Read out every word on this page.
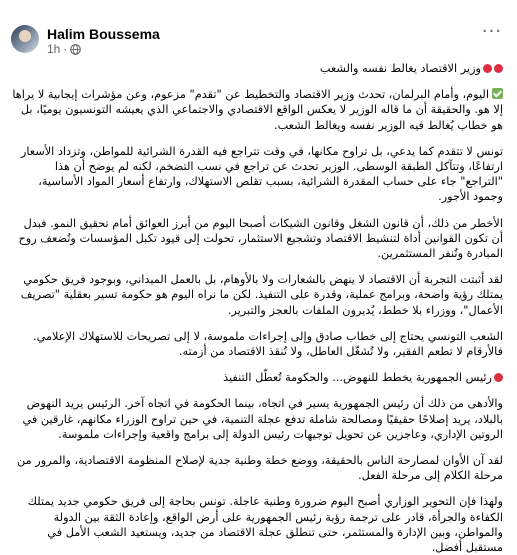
Halim Boussema
1h ·
···

وزير الاقتصاد يغالط نفسه والشعب

اليوم، وأمام البرلمان، تحدث وزير الاقتصاد والتخطيط عن "تقدم" مزعوم، وعن مؤشرات إيجابية لا يراها إلا هو. والحقيقة أن ما قاله الوزير لا يعكس الواقع الاقتصادي والاجتماعي الذي يعيشه التونسيون يوميًا، بل هو خطاب يُغالط فيه الوزير نفسه ويغالط الشعب.

تونس لا تتقدم كما يدعي، بل تراوح مكانها، في وقت تتراجع فيه القدرة الشرائية للمواطن، وتزداد الأسعار ارتفاعًا، وتتآكل الطبقة الوسطى. الوزير تحدث عن تراجع في نسب التضخم، لكنه لم يوضح أن هذا "التراجع" جاء على حساب المقدرة الشرائية، بسبب تقلص الاستهلاك، وارتفاع أسعار المواد الأساسية، وجمود الأجور.

الأخطر من ذلك، أن قانون الشغل وقانون الشيكات أصبحا اليوم من أبرز العوائق أمام تحقيق النمو. فبدل أن تكون القوانين أداة لتنشيط الاقتصاد وتشجيع الاستثمار، تحولت إلى قيود تكبل المؤسسات وتُضعف روح المبادرة وتُنفر المستثمرين.

لقد أثبتت التجربة أن الاقتصاد لا ينهض بالشعارات ولا بالأوهام، بل بالعمل الميداني، وبوجود فريق حكومي يمتلك رؤية واضحة، وبرامج عملية، وقدرة على التنفيذ. لكن ما نراه اليوم هو حكومة تسير بعقلية "تصريف الأعمال"، ووزراء بلا خطط، يُديرون الملفات بالعجز والتبرير.

الشعب التونسي يحتاج إلى خطاب صادق وإلى إجراءات ملموسة، لا إلى تصريحات للاستهلاك الإعلامي. فالأرقام لا تطعم الفقير، ولا تُشغّل العاطل، ولا تُنقذ الاقتصاد من أزمته.

رئيس الجمهورية يخطط للنهوض... والحكومة تُعطّل التنفيذ

والأدهى من ذلك أن رئيس الجمهورية يسير في اتجاه، بينما الحكومة في اتجاه آخر. الرئيس يريد النهوض بالبلاد، يريد إصلاحًا حقيقيًا ومصالحة شاملة تدفع عجلة التنمية، في حين تراوح الوزراء مكانهم، غارقين في الروتين الإداري، وعاجزين عن تحويل توجيهات رئيس الدولة إلى برامج واقعية وإجراءات ملموسة.

لقد آن الأوان لمصارحة الناس بالحقيقة، ووضع خطة وطنية جدية لإصلاح المنظومة الاقتصادية، والمرور من مرحلة الكلام إلى مرحلة الفعل.

ولهذا فإن التحوير الوزاري أصبح اليوم ضرورة وطنية عاجلة. تونس بحاجة إلى فريق حكومي جديد يمتلك الكفاءة والجرأة، قادر على ترجمة رؤية رئيس الجمهورية على أرض الواقع، وإعادة الثقة بين الدولة والمواطن، وبين الإدارة والمستثمر، حتى تنطلق عجلة الاقتصاد من جديد، ويستعيد الشعب الأمل في مستقبل أفضل.
